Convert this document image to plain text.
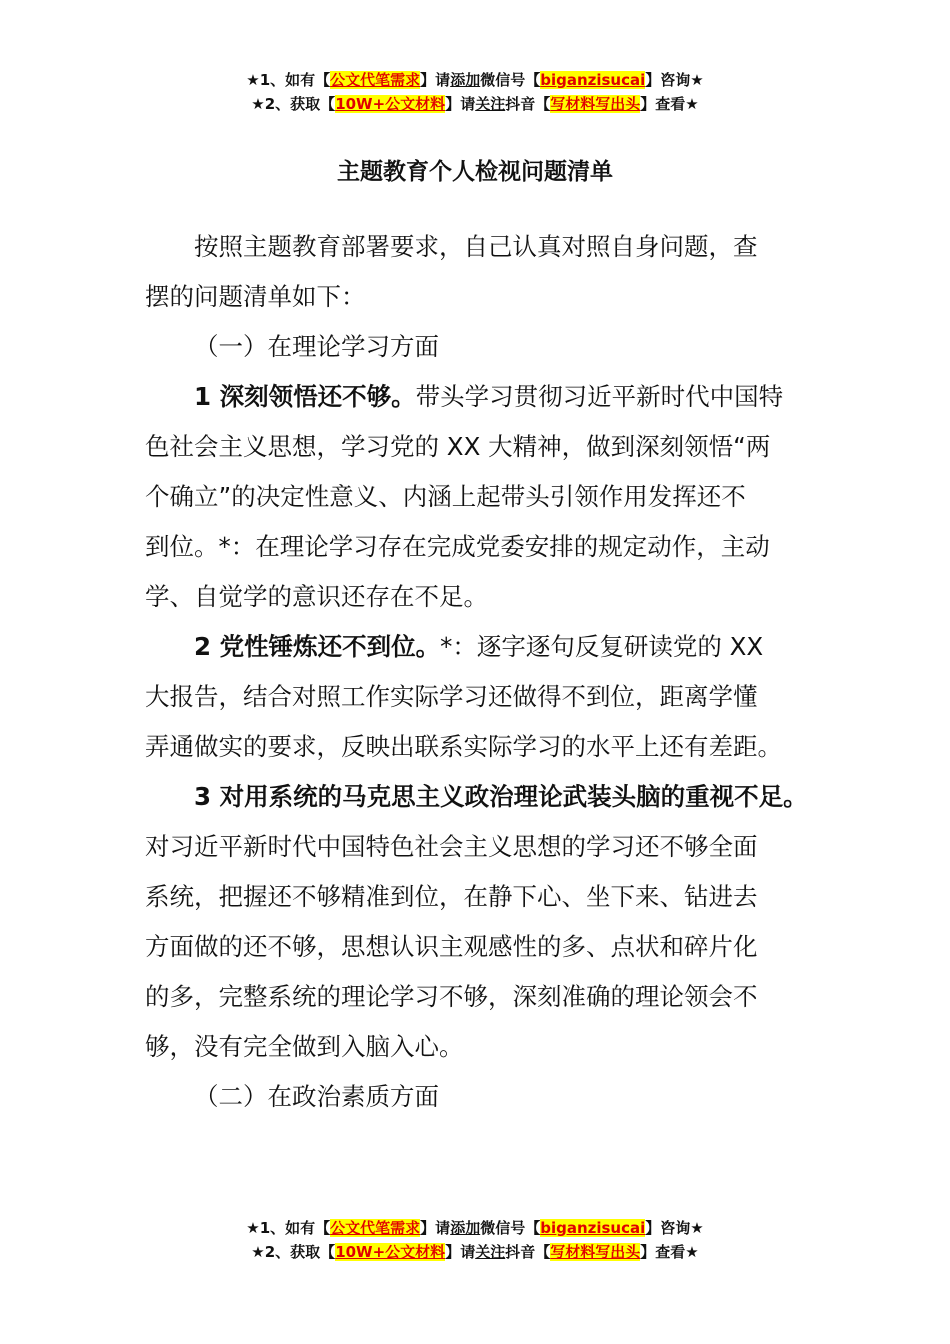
★1、如有【公文代笔需求】请添加微信号【biganzisucai】咨询★
★2、获取【10W+公文材料】请关注抖音【写材料写出头】查看★
主题教育个人检视问题清单

按照主题教育部署要求，自己认真对照自身问题，查
摆的问题清单如下：

（一）在理论学习方面

1 深刻领悟还不够。带头学习贯彻习近平新时代中国特
色社会主义思想，学习党的 XX 大精神，做到深刻领悟“两
个确立”的决定性意义、内涵上起带头引领作用发挥还不
到位。*：在理论学习存在完成党委安排的规定动作，主动
学、自觉学的意识还存在不足。

2 党性锤炼还不到位。*：逐字逐句反复研读党的 XX
大报告，结合对照工作实际学习还做得不到位，距离学懂
弄通做实的要求，反映出联系实际学习的水平上还有差距。

3 对用系统的马克思主义政治理论武装头脑的重视不足。
对习近平新时代中国特色社会主义思想的学习还不够全面
系统，把握还不够精准到位，在静下心、坐下来、钻进去
方面做的还不够，思想认识主观感性的多、点状和碎片化
的多，完整系统的理论学习不够，深刻准确的理论领会不
够，没有完全做到入脑入心。

（二）在政治素质方面

★1、如有【公文代笔需求】请添加微信号【biganzisucai】咨询★
★2、获取【10W+公文材料】请关注抖音【写材料写出头】查看★
